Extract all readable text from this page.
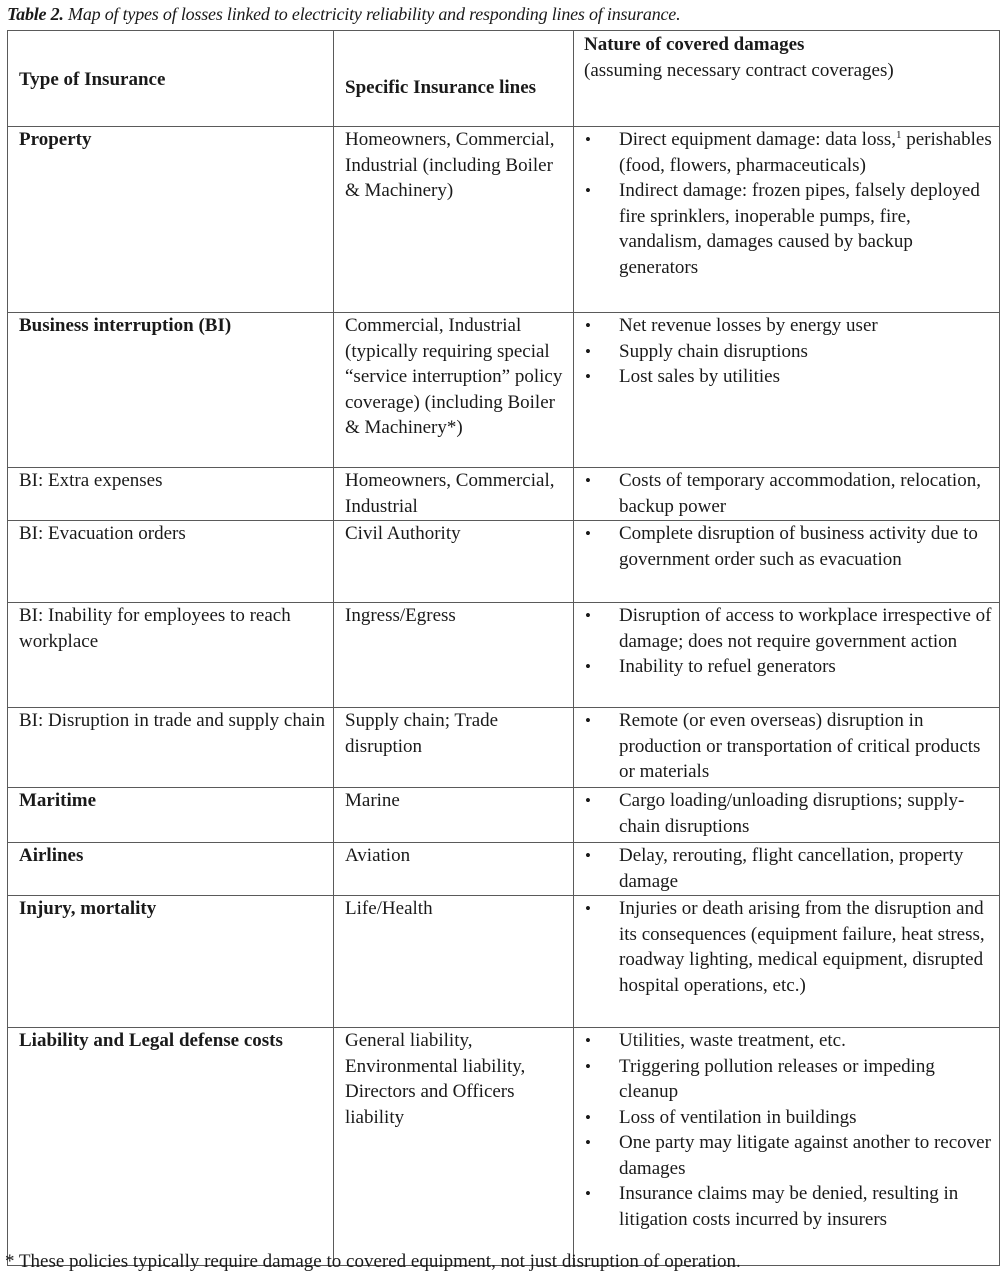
Table 2. Map of types of losses linked to electricity reliability and responding lines of insurance.
Type of Insurance	Specific Insurance lines	Nature of covered damages
(assuming necessary contract coverages)

Property	Homeowners, Commercial, Industrial (including Boiler & Machinery)	
• Direct equipment damage: data loss,$^1$ perishables (food, flowers, pharmaceuticals)
• Indirect damage: frozen pipes, falsely deployed fire sprinklers, inoperable pumps, fire, vandalism, damages caused by backup generators

Business interruption (BI)	Commercial, Industrial (typically requiring special “service interruption” policy coverage) (including Boiler & Machinery*)	
• Net revenue losses by energy user
• Supply chain disruptions
• Lost sales by utilities

BI: Extra expenses	Homeowners, Commercial, Industrial	
• Costs of temporary accommodation, relocation, backup power

BI: Evacuation orders	Civil Authority	
•Complete disruption of business activity due to government order such as evacuation

BI: Inability for employees to reach workplace	Ingress/Egress	
•Disruption of access to workplace irrespective of damage; does not require government action
• Inability to refuel generators

BI: Disruption in trade and supply chain	Supply chain; Trade disruption	
• Remote (or even overseas) disruption in production or transportation of critical products or materials

Maritime	Marine	
•Cargo loading/unloading disruptions; supply-chain disruptions

Airlines	Aviation	
•Delay, rerouting, flight cancellation, property damage

Injury, mortality	Life/Health	
•Injuries or death arising from the disruption and its consequences (equipment failure, heat stress, roadway lighting, medical equipment, disrupted hospital operations, etc.)

Liability and Legal defense costs	General liability, Environmental liability, Directors and Officers liability	
• Utilities, waste treatment, etc.
• Triggering pollution releases or impeding cleanup
• Loss of ventilation in buildings
• One party may litigate against another to recover damages
• Insurance claims may be denied, resulting in litigation costs incurred by insurers
* These policies typically require damage to covered equipment, not just disruption of operation.
